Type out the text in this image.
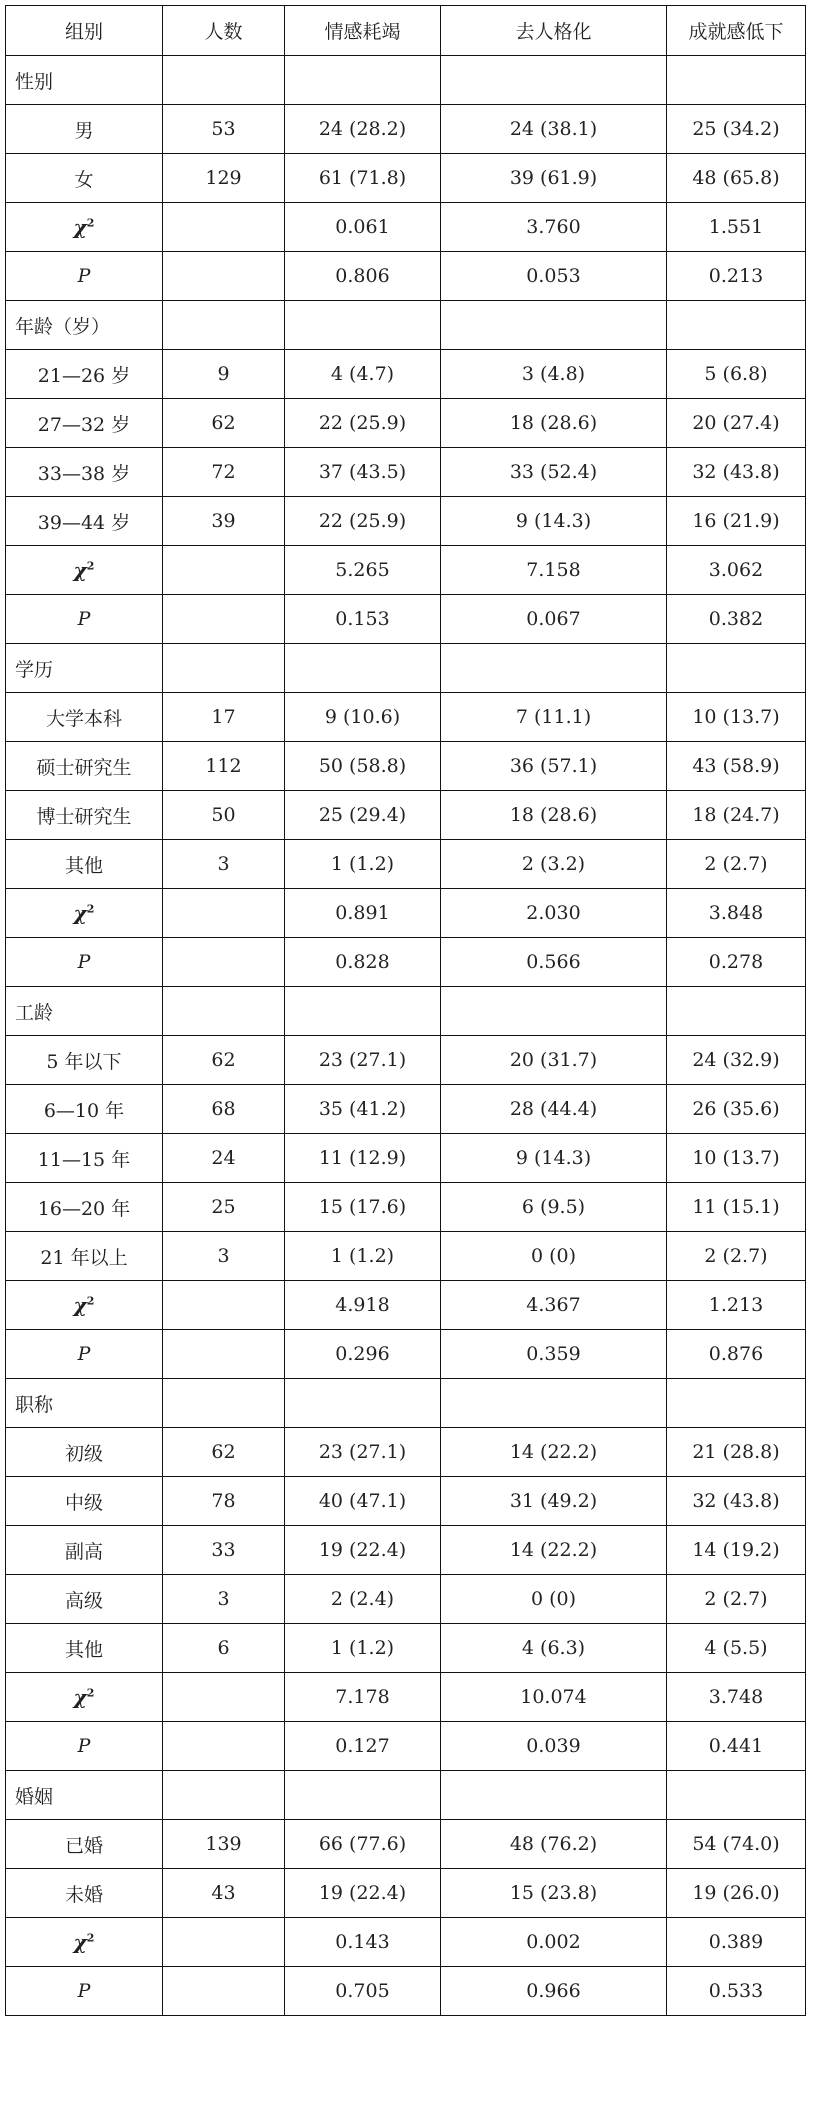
组别	人数	情感耗竭	去人格化	成就感低下
性别				
男	53	24 (28.2)	24 (38.1)	25 (34.2)
女	129	61 (71.8)	39 (61.9)	48 (65.8)
$\chi^2$		0.061	3.760	1.551
P		0.806	0.053	0.213
年龄（岁）				
21—26 岁	9	4 (4.7)	3 (4.8)	5 (6.8)
27—32 岁	62	22 (25.9)	18 (28.6)	20 (27.4)
33—38 岁	72	37 (43.5)	33 (52.4)	32 (43.8)
39—44 岁	39	22 (25.9)	9 (14.3)	16 (21.9)
$\chi^2$		5.265	7.158	3.062
P		0.153	0.067	0.382
学历				
大学本科	17	9 (10.6)	7 (11.1)	10 (13.7)
硕士研究生	112	50 (58.8)	36 (57.1)	43 (58.9)
博士研究生	50	25 (29.4)	18 (28.6)	18 (24.7)
其他	3	1 (1.2)	2 (3.2)	2 (2.7)
$\chi^2$		0.891	2.030	3.848
P		0.828	0.566	0.278
工龄				
5 年以下	62	23 (27.1)	20 (31.7)	24 (32.9)
6—10 年	68	35 (41.2)	28 (44.4)	26 (35.6)
11—15 年	24	11 (12.9)	9 (14.3)	10 (13.7)
16—20 年	25	15 (17.6)	6 (9.5)	11 (15.1)
21 年以上	3	1 (1.2)	0 (0)	2 (2.7)
$\chi^2$		4.918	4.367	1.213
P		0.296	0.359	0.876
职称				
初级	62	23 (27.1)	14 (22.2)	21 (28.8)
中级	78	40 (47.1)	31 (49.2)	32 (43.8)
副高	33	19 (22.4)	14 (22.2)	14 (19.2)
高级	3	2 (2.4)	0 (0)	2 (2.7)
其他	6	1 (1.2)	4 (6.3)	4 (5.5)
$\chi^2$		7.178	10.074	3.748
P		0.127	0.039	0.441
婚姻				
已婚	139	66 (77.6)	48 (76.2)	54 (74.0)
未婚	43	19 (22.4)	15 (23.8)	19 (26.0)
$\chi^2$		0.143	0.002	0.389
P		0.705	0.966	0.533
